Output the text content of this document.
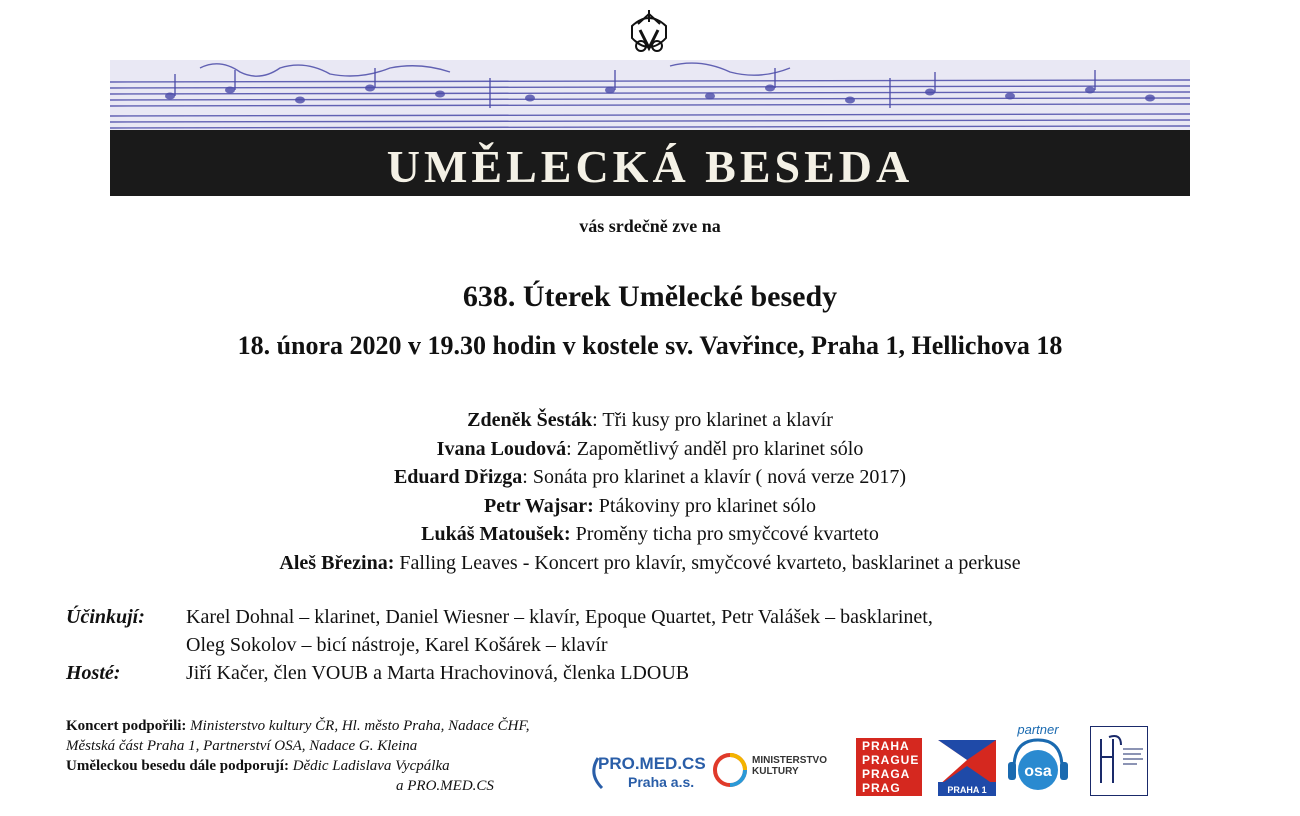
UMĚLECKÁ BESEDA
vás srdečně zve na
638. Úterek Umělecké besedy
18. února 2020 v 19.30 hodin v kostele sv. Vavřince, Praha 1, Hellichova 18
Zdeněk Šesták: Tři kusy pro klarinet a klavír
Ivana Loudová: Zapomětlivý anděl pro klarinet sólo
Eduard Dřizga: Sonáta pro klarinet a klavír ( nová verze 2017)
Petr Wajsar: Ptákoviny pro klarinet sólo
Lukáš Matoušek: Proměny ticha pro smyčcové kvarteto
Aleš Březina: Falling Leaves - Koncert pro klavír, smyčcové kvarteto, basklarinet a perkuse
Účinkují: Karel Dohnal – klarinet, Daniel Wiesner – klavír, Epoque Quartet, Petr Valášek – basklarinet,
Oleg Sokolov – bicí nástroje, Karel Košárek – klavír
Hosté:	Jiří Kačer, člen VOUB a Marta Hrachovinová, členka LDOUB
Koncert podpořili: Ministerstvo kultury ČR, Hl. město Praha, Nadace ČHF,
Městská část Praha 1, Partnerství OSA, Nadace G. Kleina
Uměleckou besedu dále podporují: Dědic Ladislava Vycpálka
a PRO.MED.CS
PRO.MED.CS
Praha a.s.
MINISTERSTVO
KULTURY
PRAHA
PRAGUE
PRAGA
PRAG	PRAHA 1
partner
osa
